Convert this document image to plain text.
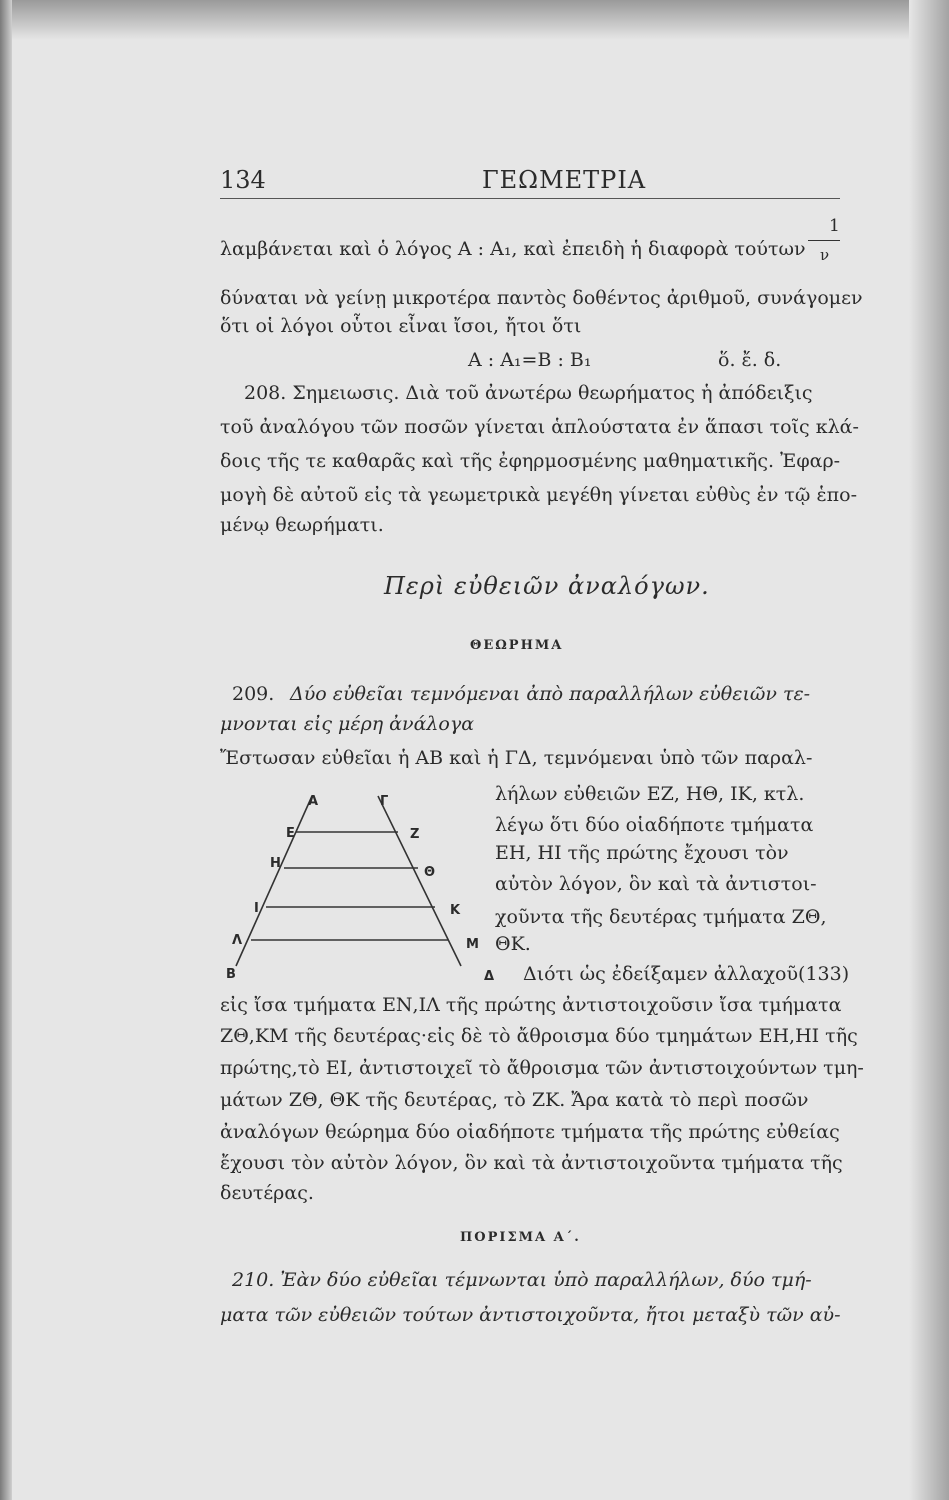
134	ΓΕΩΜΕΤΡΙΑ
λαμβάνεται καὶ ὁ λόγος Α : Α₁, καὶ ἐπειδὴ ἡ διαφορὰ τούτων
1
ν
δύναται νὰ γείνῃ μικροτέρα παντὸς δοθέντος ἀριθμοῦ, συνάγομεν
ὅτι οἱ λόγοι οὗτοι εἶναι ἴσοι, ἤτοι ὅτι
Α : Α₁=Β : Β₁	ὅ. ἔ. δ.
208. Σημειωσις. Διὰ τοῦ ἀνωτέρω θεωρήματος ἡ ἀπόδειξις
τοῦ ἀναλόγου τῶν ποσῶν γίνεται ἁπλούστατα ἐν ἅπασι τοῖς κλά-
δοις τῆς τε καθαρᾶς καὶ τῆς ἐφηρμοσμένης μαθηματικῆς. Ἐφαρ-
μογὴ δὲ αὐτοῦ εἰς τὰ γεωμετρικὰ μεγέθη γίνεται εὐθὺς ἐν τῷ ἑπο-
μένῳ θεωρήματι.
Περὶ εὐθειῶν ἀναλόγων.
ΘΕΩΡΗΜΑ
209. Δύο εὐθεῖαι τεμνόμεναι ἀπὸ παραλλήλων εὐθειῶν τε-
μνονται εἰς μέρη ἀνάλογα
Ἔστωσαν εὐθεῖαι ἡ ΑΒ καὶ ἡ ΓΔ, τεμνόμεναι ὑπὸ τῶν παραλ-
λήλων εὐθειῶν ΕΖ, ΗΘ, ΙΚ, κτλ.
λέγω ὅτι δύο οἱαδήποτε τμήματα
ΕΗ, ΗΙ τῆς πρώτης ἔχουσι τὸν
αὐτὸν λόγον, ὃν καὶ τὰ ἀντιστοι-
χοῦντα τῆς δευτέρας τμήματα ΖΘ,
ΘΚ.
Διότι ὡς ἐδείξαμεν ἀλλαχοῦ(133)
Α	Γ
Ε	Ζ
Η
Θ
Ι	Κ
Λ	Μ
Β	Δ
εἰς ἴσα τμήματα ΕΝ,ΙΛ τῆς πρώτης ἀντιστοιχοῦσιν ἴσα τμήματα
ΖΘ,ΚΜ τῆς δευτέρας·εἰς δὲ τὸ ἄθροισμα δύο τμημάτων ΕΗ,ΗΙ τῆς
πρώτης,τὸ ΕΙ, ἀντιστοιχεῖ τὸ ἄθροισμα τῶν ἀντιστοιχούντων τμη-
μάτων ΖΘ, ΘΚ τῆς δευτέρας, τὸ ΖΚ. Ἄρα κατὰ τὸ περὶ ποσῶν
ἀναλόγων θεώρημα δύο οἱαδήποτε τμήματα τῆς πρώτης εὐθείας
ἔχουσι τὸν αὐτὸν λόγον, ὃν καὶ τὰ ἀντιστοιχοῦντα τμήματα τῆς
δευτέρας.
ΠΟΡΙΣΜΑ Α΄.
210. Ἐὰν δύο εὐθεῖαι τέμνωνται ὑπὸ παραλλήλων, δύο τμή-
ματα τῶν εὐθειῶν τούτων ἀντιστοιχοῦντα, ἤτοι μεταξὺ τῶν αὐ-
